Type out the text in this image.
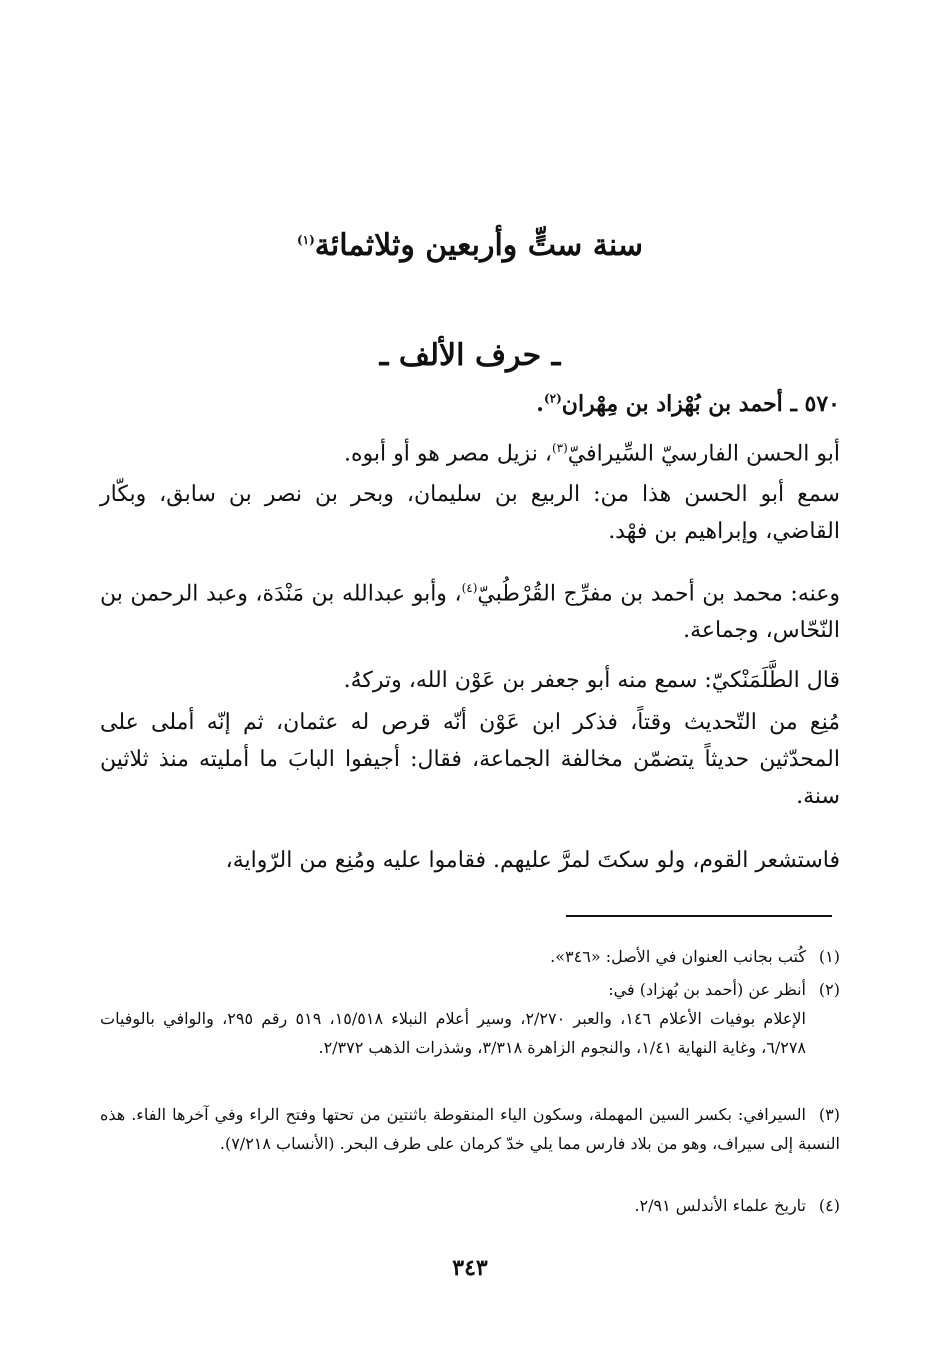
سنة ستٍّ وأربعين وثلاثمائة$^{(١)}$
ـ حرف الألف ـ
٥٧٠ ـ أحمد بن بُهْزاد بن مِهْران$^{(٢)}$.
أبو الحسن الفارسيّ السِّيرافيّ$^{(٣)}$، نزيل مصر هو أو أبوه.
سمع أبو الحسن هذا من: الربيع بن سليمان، وبحر بن نصر بن سابق، وبكّار القاضي، وإبراهيم بن فهْد.
وعنه: محمد بن أحمد بن مفرِّج القُرْطُبيّ$^{(٤)}$، وأبو عبدالله بن مَنْدَة، وعبد الرحمن بن النّحّاس، وجماعة.
قال الطَّلَمَنْكيّ: سمع منه أبو جعفر بن عَوْن الله، وتركهُ.
مُنِع من التّحديث وقتاً، فذكر ابن عَوْن أنّه قرص له عثمان، ثم إنّه أملى على المحدّثين حديثاً يتضمّن مخالفة الجماعة، فقال: أجيفوا البابَ ما أمليته منذ ثلاثين سنة.
فاستشعر القوم، ولو سكتَ لمرَّ عليهم. فقاموا عليه ومُنِع من الرّواية،
(١)كُتب بجانب العنوان في الأصل: «٣٤٦».
(٢)أنظر عن (أحمد بن بُهزاد) في:
الإعلام بوفيات الأعلام ١٤٦، والعبر ٢/٢٧٠، وسير أعلام النبلاء ١٥/٥١٨، ٥١٩ رقم ٢٩٥، والوافي بالوفيات ٦/٢٧٨، وغاية النهاية ١/٤١، والنجوم الزاهرة ٣/٣١٨، وشذرات الذهب ٢/٣٧٢.
(٣)السيرافي: بكسر السين المهملة، وسكون الياء المنقوطة باثنتين من تحتها وفتح الراء وفي آخرها الفاء. هذه النسبة إلى سيراف، وهو من بلاد فارس مما يلي خدّ كرمان على طرف البحر. (الأنساب ٧/٢١٨).
(٤)تاريخ علماء الأندلس ٢/٩١.
٣٤٣
